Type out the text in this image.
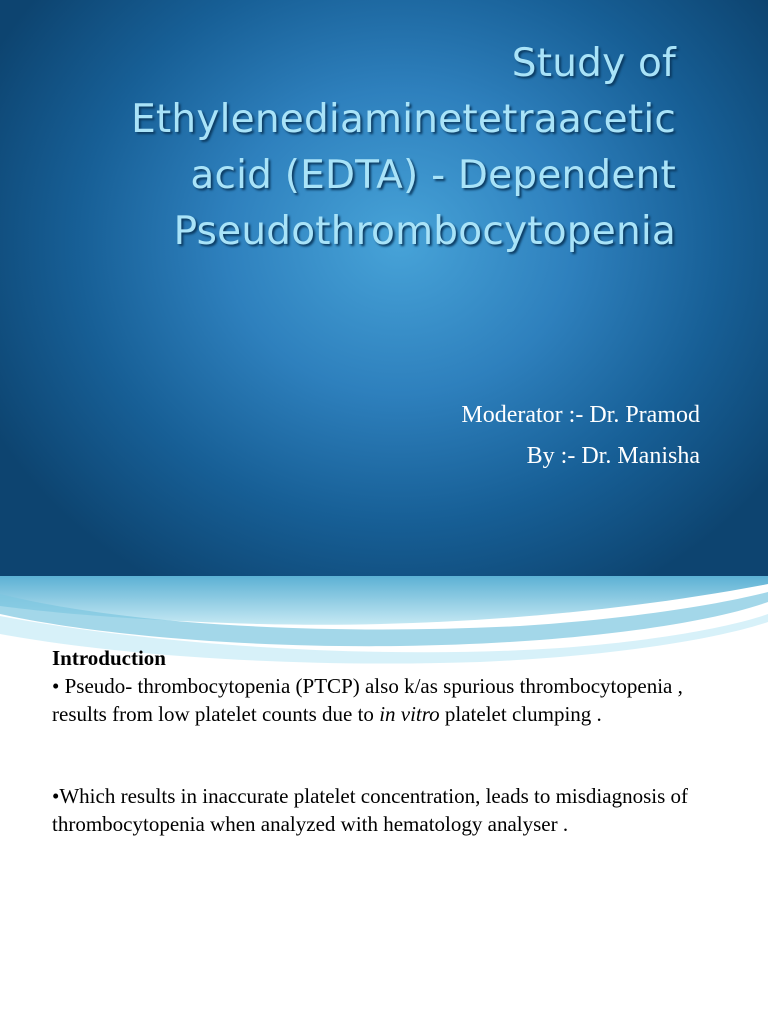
Study of
Ethylenediaminetetraacetic
acid (EDTA) - Dependent
Pseudothrombocytopenia

Moderator :- Dr. Pramod

By :- Dr. Manisha

Introduction

• Pseudo- thrombocytopenia (PTCP) also k/as spurious thrombocytopenia , results from low platelet counts due to in vitro platelet clumping .

•Which results in inaccurate platelet concentration, leads to misdiagnosis of thrombocytopenia when analyzed with hematology analyser .
